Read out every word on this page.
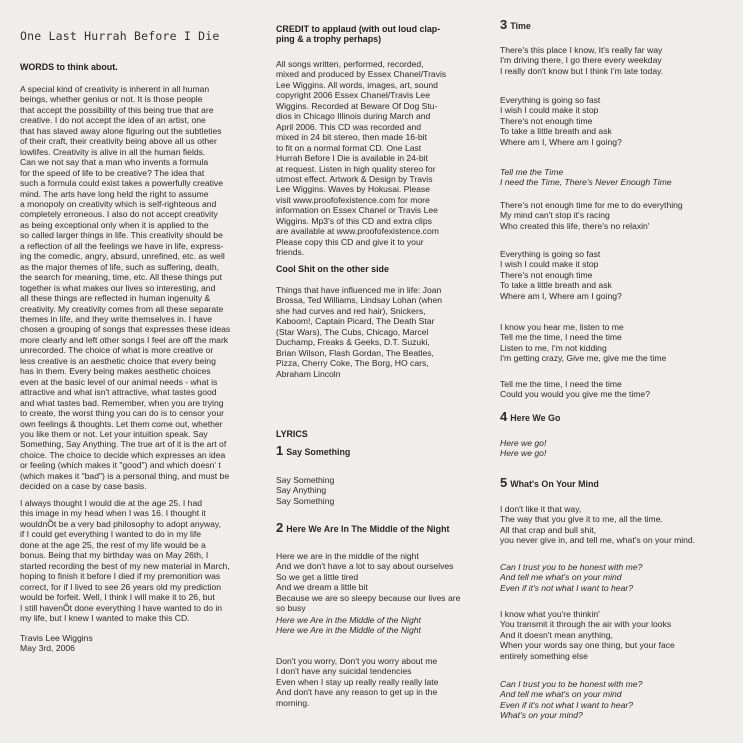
One Last Hurrah Before I Die
WORDS to think about.
A special kind of creativity is inherent in all human
beings, whether genius or not. It is those people
that accept the possibility of this being true that are
creative. I do not accept the idea of an artist, one
that has slaved away alone figuring out the subtleties
of their craft, their creativity being above all us other
lowlifes. Creativity is alive in all the human fields.
Can we not say that a man who invents a formula
for the speed of life to be creative? The idea that
such a formula could exist takes a powerfully creative
mind. The arts have long held the right to assume
a monopoly on creativity which is self-righteous and
completely erroneous. I also do not accept creativity
as being exceptional only when it is applied to the
so called larger things in life. This creativity should be
a reflection of all the feelings we have in life, express-
ing the comedic, angry, absurd, unrefined, etc. as well
as the major themes of life, such as suffering, death,
the search for meaning, time, etc. All these things put
together is what makes our lives so interesting, and
all these things are reflected in human ingenuity &
creativity. My creativity comes from all these separate
themes in life, and they write themselves in. I have
chosen a grouping of songs that expresses these ideas
more clearly and left other songs I feel are off the mark
unrecorded. The choice of what is more creative or
less creative is an aesthetic choice that every being
has in them. Every being makes aesthetic choices
even at the basic level of our animal needs - what is
attractive and what isn't attractive, what tastes good
and what tastes bad. Remember, when you are trying
to create, the worst thing you can do is to censor your
own feelings & thoughts. Let them come out, whether
you like them or not. Let your intuition speak. Say
Something, Say Anything. The true art of it is the art of
choice. The choice to decide which expresses an idea
or feeling (which makes it "good") and which doesn' t
(which makes it "bad") is a personal thing, and must be
decided on a case by case basis.
I always thought I would die at the age 25. I had
this image in my head when I was 16. I thought it
wouldnÕt be a very bad philosophy to adopt anyway,
if I could get everything I wanted to do in my life
done at the age 25, the rest of my life would be a
bonus. Being that my birthday was on May 26th, I
started recording the best of my new material in March,
hoping to finish it before I died if my premonition was
correct, for if I lived to see 26 years old my prediction
would be forfeit. Well, I think I will make it to 26, but
I still havenÕt done everything I have wanted to do in
my life, but I knew I wanted to make this CD.
Travis Lee Wiggins
May 3rd, 2006
CREDIT to applaud (with out loud clap-
ping & a trophy perhaps)
All songs written, performed, recorded,
mixed and produced by Essex Chanel/Travis
Lee Wiggins. All words, images, art, sound
copyright 2006 Essex Chanel/Travis Lee
Wiggins. Recorded at Beware Of Dog Stu-
dios in Chicago Illinois during March and
April 2006. This CD was recorded and
mixed in 24 bit stereo, then made 16-bit
to fit on a normal format CD. One Last
Hurrah Before I Die is available in 24-bit
at request. Listen in high quality stereo for
utmost effect. Artwork & Design by Travis
Lee Wiggins. Waves by Hokusai. Please
visit www.proofofexistence.com for more
information on Essex Chanel or Travis Lee
Wiggins. Mp3's of this CD and extra clips
are available at www.proofofexistence.com
Please copy this CD and give it to your
friends.
Cool Shit on the other side
Things that have influenced me in life: Joan
Brossa, Ted Williams, Lindsay Lohan (when
she had curves and red hair), Snickers,
Kaboom!, Captain Picard, The Death Star
(Star Wars), The Cubs, Chicago, Marcel
Duchamp, Freaks & Geeks, D.T. Suzuki,
Brian Wilson, Flash Gordan, The Beatles,
Pizza, Cherry Coke, The Borg, HO cars,
Abraham Lincoln
LYRICS
1 Say Something
Say Something
Say Anything
Say Something
2 Here We Are In The Middle of the Night
Here we are in the middle of the night
And we don't have a lot to say about ourselves
So we get a little tired
And we dream a little bit
Because we are so sleepy because our lives are
so busy
Here we Are in the Middle of the Night
Here we Are in the Middle of the Night
Don't you worry, Don't you worry about me
I don't have any suicidal tendencies
Even when I stay up really really really late
And don't have any reason to get up in the
morning.
3 Time
There's this place I know, It's really far way
I'm driving there, I go there every weekday
I really don't know but I think I'm late today.
Everything is going so fast
I wish I could make it stop
There's not enough time
To take a little breath and ask
Where am I, Where am I going?
Tell me the Time
I need the Time, There's Never Enough Time
There's not enough time for me to do everything
My mind can't stop it's racing
Who created this life, there's no relaxin'
Everything is going so fast
I wish I could make it stop
There's not enough time
To take a little breath and ask
Where am I, Where am I going?
I know you hear me, listen to me
Tell me the time, I need the time
Listen to me, I'm not kidding
I'm getting crazy, Give me, give me the time
Tell me the time, I need the time
Could you would you give me the time?
4 Here We Go
Here we go!
Here we go!
5 What's On Your Mind
I don't like it that way,
The way that you give it to me, all the time.
All that crap and bull shit,
you never give in, and tell me, what's on your mind.
Can I trust you to be honest with me?
And tell me what's on your mind
Even if it's not what I want to hear?
I know what you're thinkin'
You transmit it through the air with your looks
And it doesn't mean anything,
When your words say one thing, but your face
entirely something else
Can I trust you to be honest with me?
And tell me what's on your mind
Even if it's not what I want to hear?
What's on your mind?
